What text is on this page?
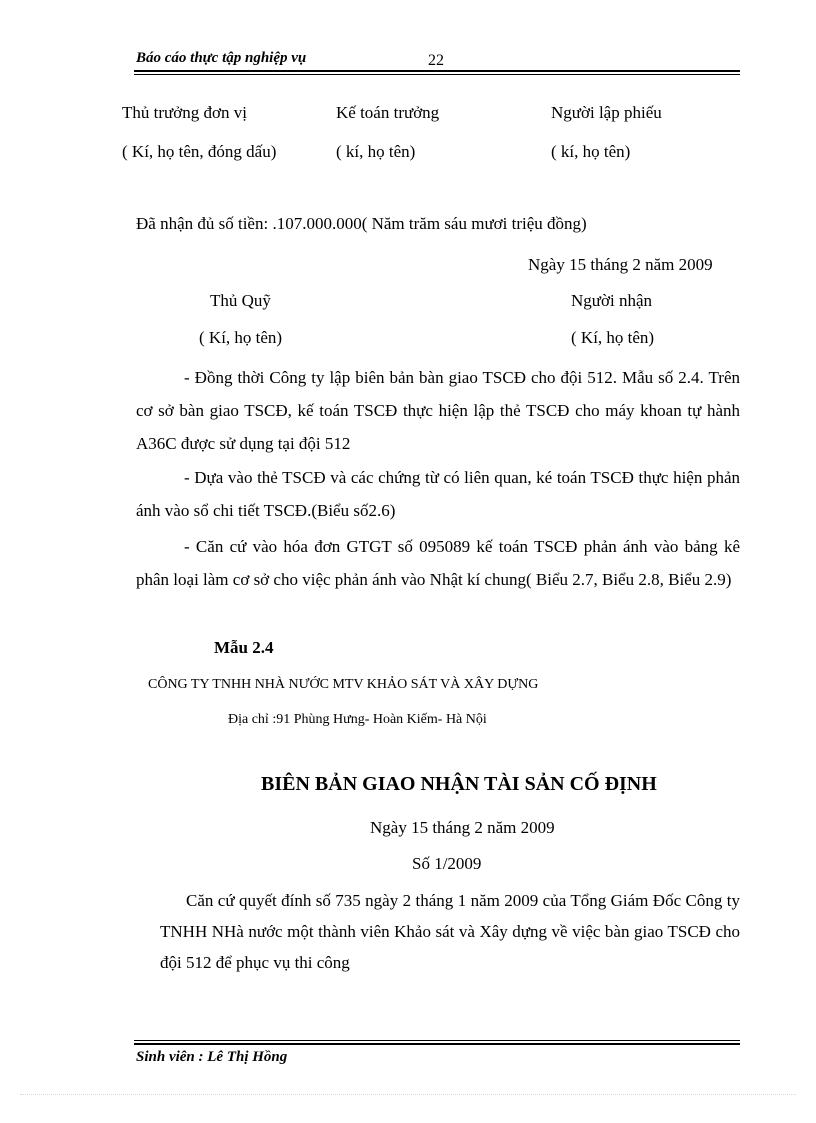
Báo cáo thực tập nghiệp vụ	22
Thủ trưởng đơn vị	Kế toán trưởng	Người lập phiếu
( Kí, họ tên, đóng dấu)	( kí, họ tên)	( kí, họ tên)
Đã nhận đủ số tiền: .107.000.000( Năm trăm sáu mươi triệu đồng)
Ngày 15 tháng 2 năm 2009
Thủ Quỹ	Người nhận
( Kí, họ tên)	( Kí, họ tên)
- Đồng thời Công ty lập biên bản bàn giao TSCĐ cho đội 512. Mẫu số 2.4. Trên cơ sở bàn giao TSCĐ, kế toán TSCĐ thực hiện lập thẻ TSCĐ cho máy khoan tự hành A36C được sử dụng tại đội 512
- Dựa vào thẻ TSCĐ và các chứng từ có liên quan, ké toán TSCĐ thực hiện phản ánh vào sổ chi tiết TSCĐ.(Biểu số2.6)
- Căn cứ vào hóa đơn GTGT số 095089 kế toán TSCĐ phản ánh vào bảng kê phân loại làm cơ sở cho việc phản ánh vào Nhật kí chung( Biểu 2.7, Biểu 2.8, Biểu 2.9)
Mẫu 2.4
CÔNG TY TNHH NHÀ NƯỚC MTV KHẢO SÁT VÀ XÂY DỰNG
Địa chỉ :91 Phùng Hưng- Hoàn Kiếm- Hà Nội
BIÊN BẢN GIAO NHẬN TÀI SẢN CỐ ĐỊNH
Ngày 15 tháng 2 năm 2009
Số 1/2009
Căn cứ quyết đính số 735 ngày 2 tháng 1 năm 2009 của Tổng Giám Đốc Công ty TNHH NHà nước một thành viên Khảo sát và Xây dựng về việc bàn giao TSCĐ cho đội 512 để phục vụ thi công
Sinh viên : Lê Thị Hồng
